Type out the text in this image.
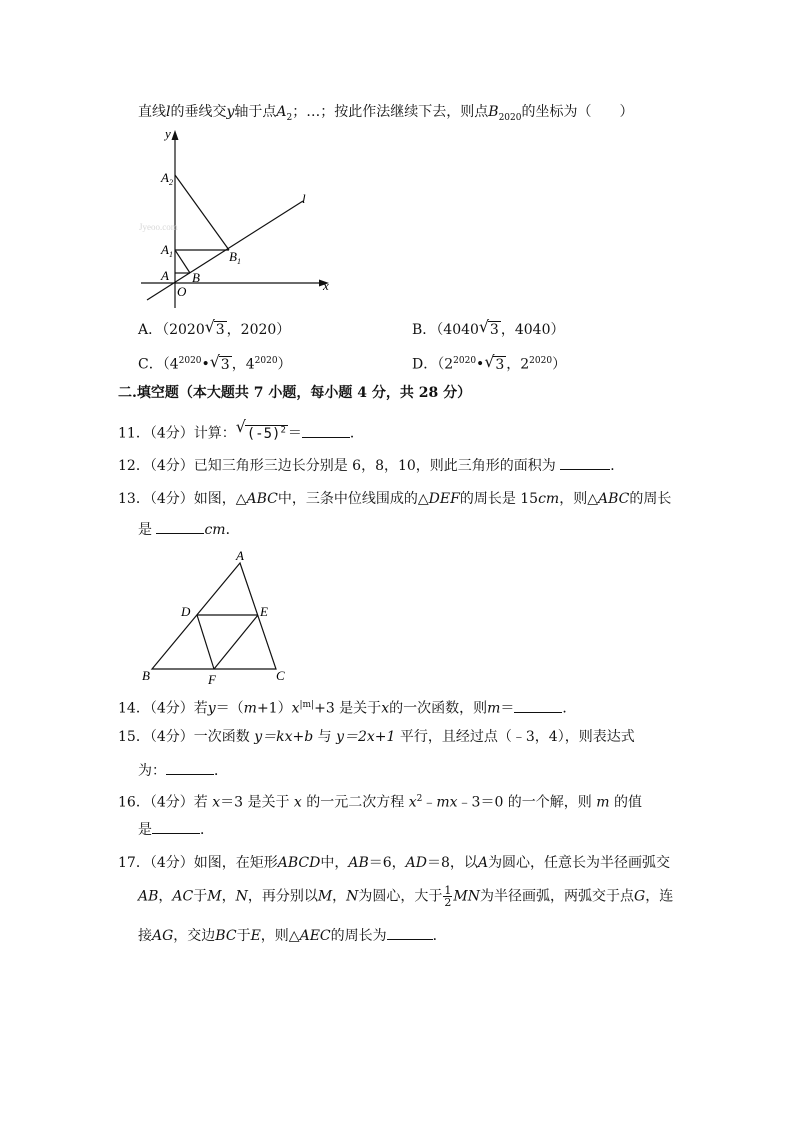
直线l的垂线交y轴于点$A_2$；…；按此作法继续下去，则点$B_{2020}$的坐标为（　　）
y
x
l
$A_2$
$A_1$
A B
$B_1$
O
Jyeoo.com
A．（2020 √ 3 ，2020）	B．（4040 √ 3 ，4040）
C．（$4^{2020}•$ √ 3 ，$4^{2020}$）	D．（$2^{2020}•$ √ 3 ，$2^{2020}$）
二.填空题（本大题共 7 小题，每小题 4 分，共 28 分）
11．（4分）计算： √ $(-5)^2$ ＝	．
12．（4分）已知三角形三边长分别是 6，8，10，则此三角形的面积为	．
13．（4分）如图，△ABC中，三条中位线围成的△DEF的周长是 15cm，则△ABC的周长
是	cm．
A
B	C
D	E
F
14．（4分）若$y=(m+1)x^{|m|}+3$ 是关于x的一次函数，则m＝	．
15．（4分）一次函数 y＝kx+b 与 y＝2x+1 平行，且经过点（﹣3，4），则表达式
为：	．
16．（4分）若 x＝3 是关于 x 的一元二次方程 $x^2﹣mx﹣3=0$ 的一个解，则 m 的值
是	．
17．（4分）如图，在矩形ABCD中，AB＝6，AD＝8，以A为圆心，任意长为半径画弧交
AB，AC于M，N，再分别以M，N为圆心，大于 $\frac{1}{2}$ MN为半径画弧，两弧交于点G，连
接AG，交边BC于E，则△AEC的周长为	．
